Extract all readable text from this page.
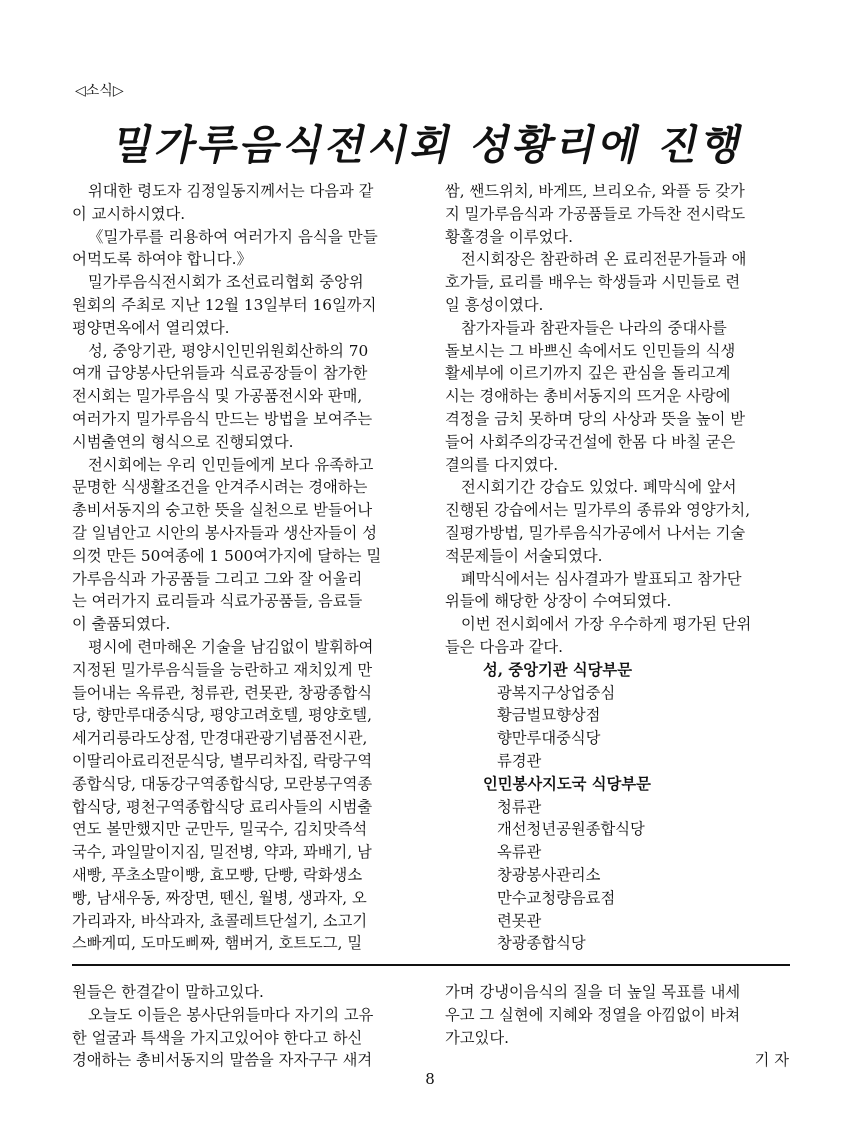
◁소식▷
밀가루음식전시회 성황리에 진행
위대한 령도자 김정일동지께서는 다음과 같
이 교시하시였다.
《밀가루를 리용하여 여러가지 음식을 만들
어먹도록 하여야 합니다.》
밀가루음식전시회가 조선료리협회 중앙위
원회의 주최로 지난 12월 13일부터 16일까지
평양면옥에서 열리였다.
성, 중앙기관, 평양시인민위원회산하의 70
여개 급양봉사단위들과 식료공장들이 참가한
전시회는 밀가루음식 및 가공품전시와 판매,
여러가지 밀가루음식 만드는 방법을 보여주는
시범출연의 형식으로 진행되였다.
전시회에는 우리 인민들에게 보다 유족하고
문명한 식생활조건을 안겨주시려는 경애하는
총비서동지의 숭고한 뜻을 실천으로 받들어나
갈 일념안고 시안의 봉사자들과 생산자들이 성
의껏 만든 50여종에 1 500여가지에 달하는 밀
가루음식과 가공품들 그리고 그와 잘 어울리
는 여러가지 료리들과 식료가공품들, 음료들
이 출품되였다.
평시에 련마해온 기술을 남김없이 발휘하여
지정된 밀가루음식들을 능란하고 재치있게 만
들어내는 옥류관, 청류관, 련못관, 창광종합식
당, 향만루대중식당, 평양고려호텔, 평양호텔,
세거리릉라도상점, 만경대관광기념품전시관,
이딸리아료리전문식당, 별무리차집, 락랑구역
종합식당, 대동강구역종합식당, 모란봉구역종
합식당, 평천구역종합식당 료리사들의 시범출
연도 볼만했지만 군만두, 밀국수, 김치맛즉석
국수, 과일말이지짐, 밀전병, 약과, 꽈배기, 남
새빵, 푸초소말이빵, 효모빵, 단빵, 락화생소
빵, 남새우동, 짜장면, 뗀신, 월병, 생과자, 오
가리과자, 바삭과자, 쵸콜레트단설기, 소고기
스빠게띠, 도마도삐짜, 햄버거, 호트도그, 밀
쌈, 쌘드위치, 바게뜨, 브리오슈, 와플 등 갖가
지 밀가루음식과 가공품들로 가득찬 전시락도
황홀경을 이루었다.
전시회장은 참관하려 온 료리전문가들과 애
호가들, 료리를 배우는 학생들과 시민들로 련
일 흥성이였다.
참가자들과 참관자들은 나라의 중대사를
돌보시는 그 바쁘신 속에서도 인민들의 식생
활세부에 이르기까지 깊은 관심을 돌리고계
시는 경애하는 총비서동지의 뜨거운 사랑에
격정을 금치 못하며 당의 사상과 뜻을 높이 받
들어 사회주의강국건설에 한몸 다 바칠 굳은
결의를 다지였다.
전시회기간 강습도 있었다. 폐막식에 앞서
진행된 강습에서는 밀가루의 종류와 영양가치,
질평가방법, 밀가루음식가공에서 나서는 기술
적문제들이 서술되였다.
폐막식에서는 심사결과가 발표되고 참가단
위들에 해당한 상장이 수여되였다.
이번 전시회에서 가장 우수하게 평가된 단위
들은 다음과 같다.
성, 중앙기관 식당부문
광복지구상업중심
황금벌묘향상점
향만루대중식당
류경관
인민봉사지도국 식당부문
청류관
개선청년공원종합식당
옥류관
창광봉사관리소
만수교청량음료점
련못관
창광종합식당
원들은 한결같이 말하고있다.
오늘도 이들은 봉사단위들마다 자기의 고유
한 얼굴과 특색을 가지고있어야 한다고 하신
경애하는 총비서동지의 말씀을 자자구구 새겨
가며 강냉이음식의 질을 더 높일 목표를 내세
우고 그 실현에 지혜와 정열을 아낌없이 바쳐
가고있다.
기 자
8
